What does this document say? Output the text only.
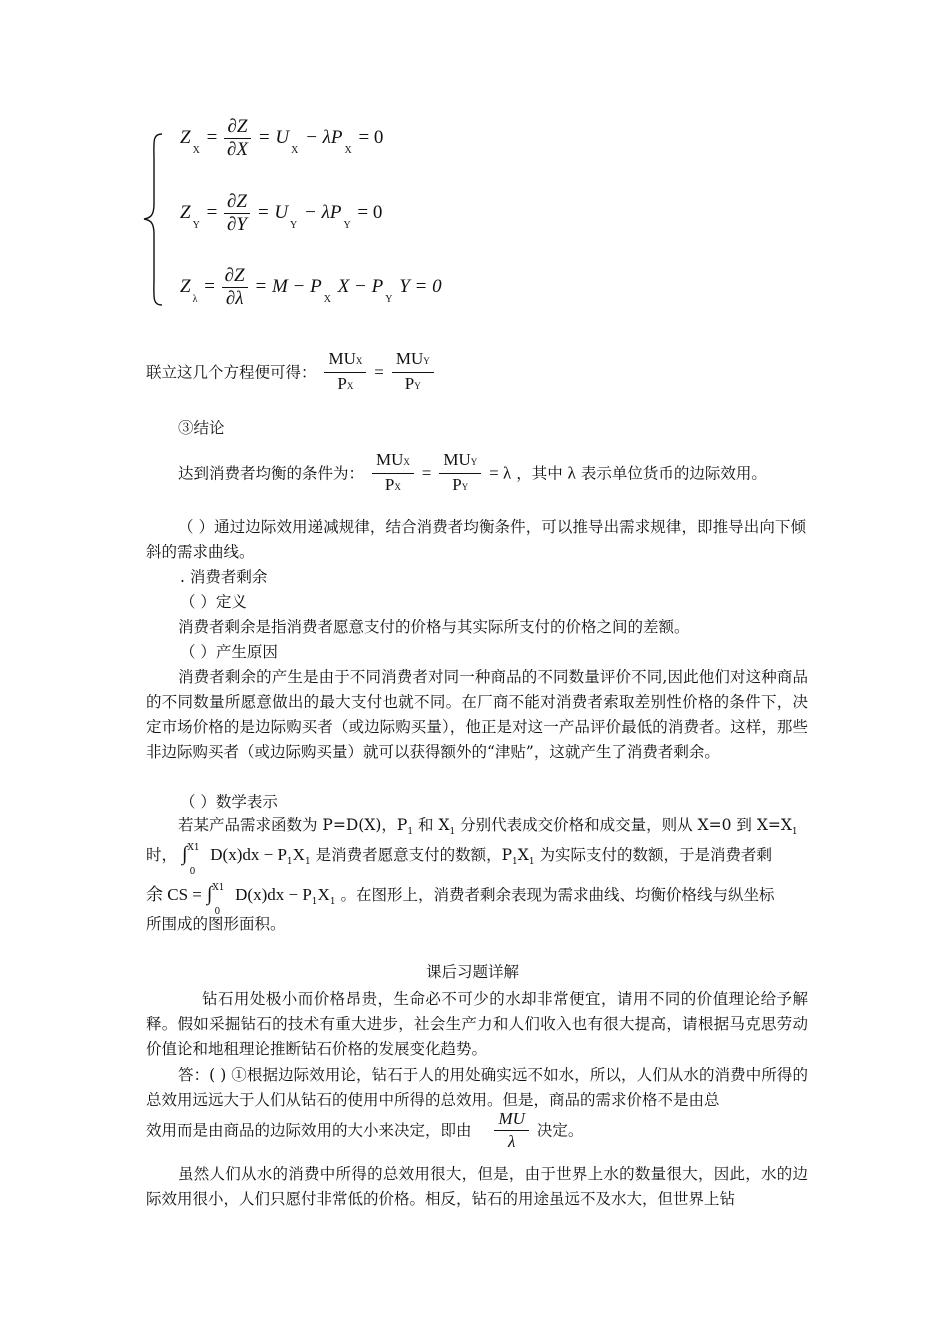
$Z_X = \frac{\partial Z}{\partial X} = U_X - \lambda P_X = 0$
$Z_Y = \frac{\partial Z}{\partial Y} = U_Y - \lambda P_Y = 0$
$Z_\lambda = \frac{\partial Z}{\partial\lambda} = M - P_X$ $X - P_Y$ Y = 0
联立这几个方程便可得：
MUX
PX
=
MUY
PY
③结论
达到消费者均衡的条件为：
MUX
PX
=
MUY
PY
= λ ，其中 λ 表示单位货币的边际效用。
（ ）通过边际效用递减规律，结合消费者均衡条件，可以推导出需求规律，即推导出向下倾斜的需求曲线。
. 消费者剩余
（ ）定义
消费者剩余是指消费者愿意支付的价格与其实际所支付的价格之间的差额。
（ ）产生原因
消费者剩余的产生是由于不同消费者对同一种商品的不同数量评价不同,因此他们对这种商品的不同数量所愿意做出的最大支付也就不同。在厂商不能对消费者索取差别性价格的条件下，决定市场价格的是边际购买者（或边际购买量），他正是对这一产品评价最低的消费者。这样，那些非边际购买者（或边际购买量）就可以获得额外的“津贴”，这就产生了消费者剩余。
（ ）数学表示
若某产品需求函数为 P=D(X)，$P_1$ 和 $X_1$ 分别代表成交价格和成交量，则从 X=0 到 $X=X_1$
时， ∫$^{X1}_0$ $D(x)dx - P_1X_1$ 是消费者愿意支付的数额，$P_1X_1$ 为实际支付的数额，于是消费者剩
余 CS = ∫$^{X1}_0$ $D(x)dx - P_1X_1$ 。在图形上，消费者剩余表现为需求曲线、均衡价格线与纵坐标
所围成的图形面积。
课后习题详解
钻石用处极小而价格昂贵，生命必不可少的水却非常便宜，请用不同的价值理论给予解释。假如采掘钻石的技术有重大进步，社会生产力和人们收入也有很大提高，请根据马克思劳动价值论和地租理论推断钻石价格的发展变化趋势。
答：( ) ①根据边际效用论，钻石于人的用处确实远不如水，所以，人们从水的消费中所得的总效用远远大于人们从钻石的使用中所得的总效用。但是，商品的需求价格不是由总
效用而是由商品的边际效用的大小来决定，即由 $\frac{MU}{\lambda}$ 决定。
虽然人们从水的消费中所得的总效用很大，但是，由于世界上水的数量很大，因此，水的边际效用很小，人们只愿付非常低的价格。相反，钻石的用途虽远不及水大，但世界上钻
